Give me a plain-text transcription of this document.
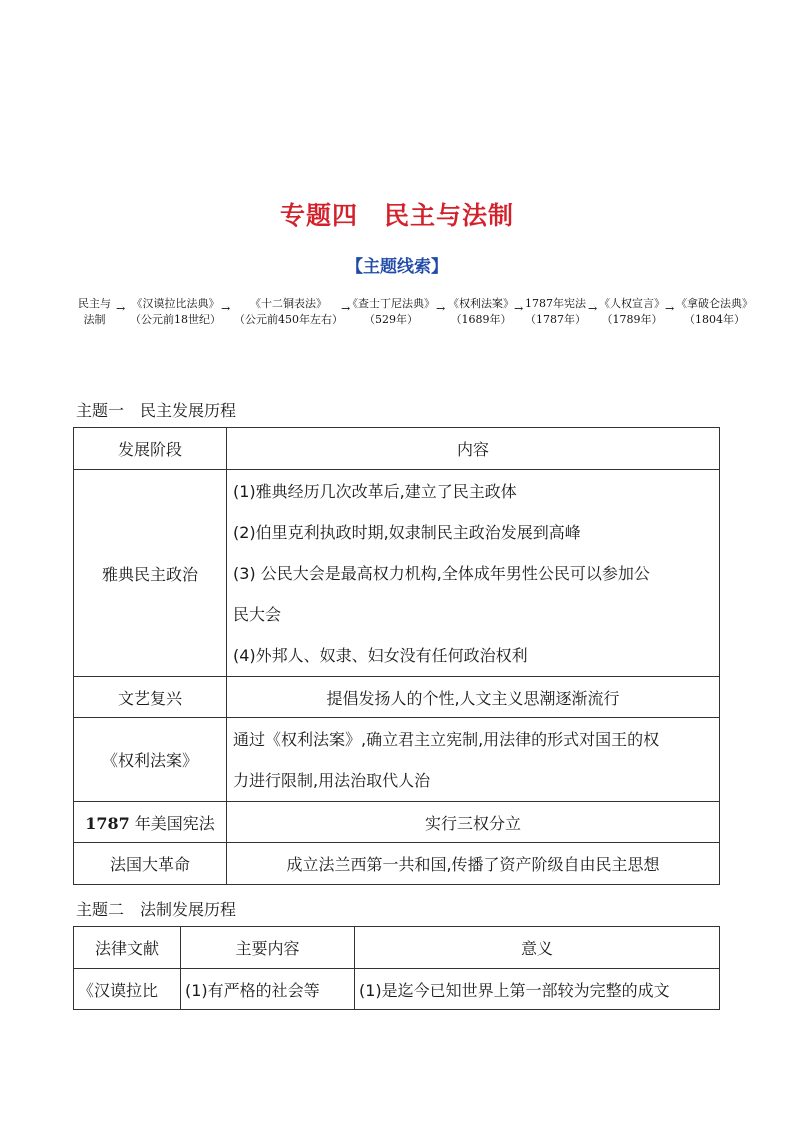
专题四 民主与法制
【主题线索】
民主与
法制
→ 《汉谟拉比法典》
（公元前18世纪）
→	《十二铜表法》
（公元前450年左右）
→
《查士丁尼法典》
（529年）
→ 《权利法案》
（1689年）
→ 1787年宪法
（1787年）
→ 《人权宣言》
（1789年）
→ 《拿破仑法典》
（1804年）
主题一 民主发展历程
发展阶段	内容
雅典民主政治	(1)雅典经历几次改革后,建立了民主政体
(2)伯里克利执政时期,奴隶制民主政治发展到高峰
(3) 公民大会是最高权力机构,全体成年男性公民可以参加公
民大会
(4)外邦人、奴隶、妇女没有任何政治权利

文艺复兴	提倡发扬人的个性,人文主义思潮逐渐流行
《权利法案》	通过《权利法案》,确立君主立宪制,用法律的形式对国王的权
力进行限制,用法治取代人治

1787 年美国宪法	实行三权分立
法国大革命	成立法兰西第一共和国,传播了资产阶级自由民主思想
主题二 法制发展历程
法律文献	主要内容	意义
《汉谟拉比	(1)有严格的社会等	(1)是迄今已知世界上第一部较为完整的成文
